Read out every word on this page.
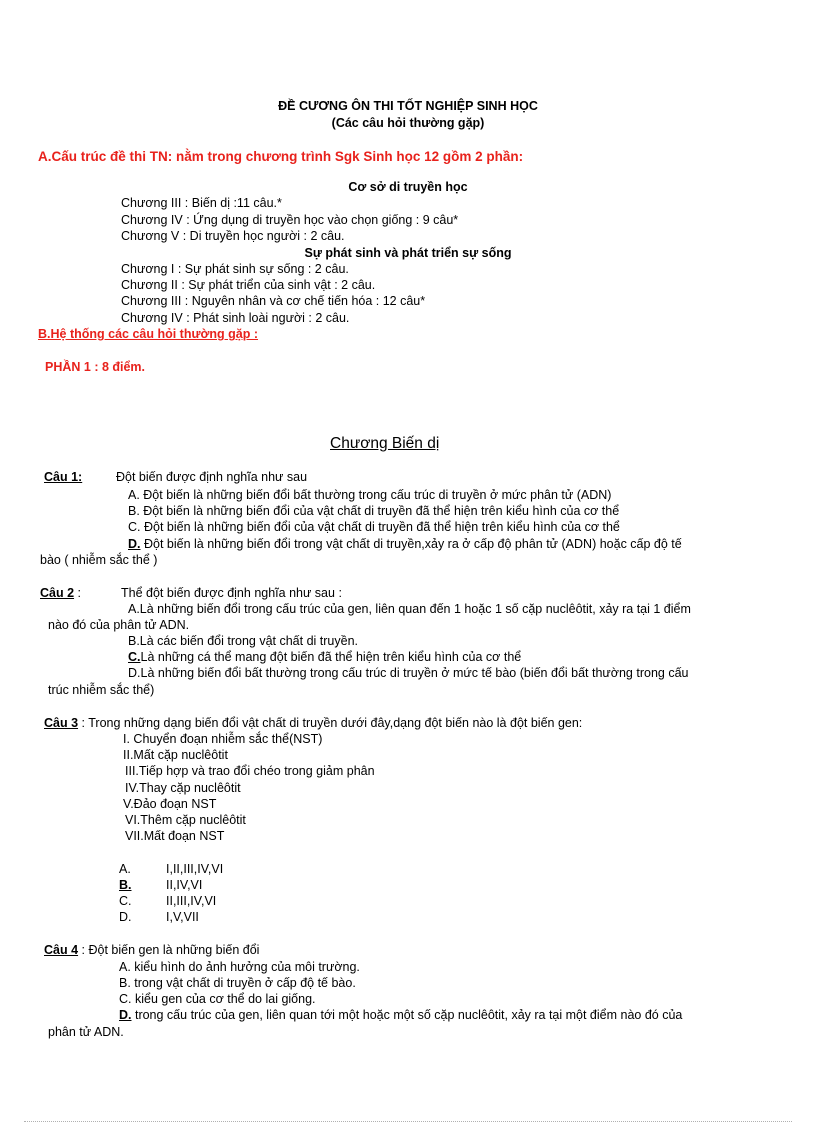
ĐỀ CƯƠNG ÔN THI TỐT NGHIỆP SINH HỌC
(Các câu hỏi thường gặp)
A.Cấu trúc đề thi TN: nằm trong chương trình Sgk Sinh học 12 gồm 2 phần:
Cơ sở di truyền học
Chương III : Biến dị :11 câu.*
Chương IV : Ứng dụng di truyền học vào chọn giống : 9 câu*
Chương V : Di truyền học người : 2 câu.
Sự phát sinh và phát triển sự sống
Chương I : Sự phát sinh sự sống : 2 câu.
Chương II : Sự phát triển của sinh vật : 2 câu.
Chương III : Nguyên nhân và cơ chế tiến hóa : 12 câu*
Chương IV : Phát sinh loài người : 2 câu.
B.Hệ thống các câu hỏi thường gặp :
PHẦN 1 : 8 điểm.
Chương Biến dị
Câu 1:	Đột biến được định nghĩa như sau
A. Đột biến là những biến đổi bất thường trong cấu trúc di truyền ở mức phân tử (ADN)
B. Đột biến là những biến đổi của vật chất di truyền đã thể hiện trên kiểu hình của cơ thể
C. Đột biến là những biến đổi của vật chất di truyền đã thể hiện trên kiểu hình của cơ thể
D. Đột biến là những biến đổi trong vật chất di truyền,xảy ra ở cấp độ phân tử (ADN) hoặc cấp độ tế
bào ( nhiễm sắc thể )
Câu 2 :	Thể đột biến được định nghĩa như sau :
A.Là những biến đổi trong cấu trúc của gen, liên quan đến 1 hoặc 1 số cặp nuclêôtit, xảy ra tại 1 điểm
nào đó của phân tử ADN.
B.Là các biến đổi trong vật chất di truyền.
C.Là những cá thể mang đột biến đã thể hiện trên kiểu hình của cơ thể
D.Là những biến đổi bất thường trong cấu trúc di truyền ở mức tế bào (biến đổi bất thường trong cấu
trúc nhiễm sắc thể)
Câu 3 : Trong những dạng biến đổi vật chất di truyền dưới đây,dạng đột biến nào là đột biến gen:
I. Chuyển đoạn nhiễm sắc thể(NST)
II.Mất cặp nuclêôtit
III.Tiếp hợp và trao đổi chéo trong giảm phân
IV.Thay cặp nuclêôtit
V.Đảo đoạn NST
VI.Thêm cặp nuclêôtit
VII.Mất đoạn NST
A.	I,II,III,IV,VI
B.	II,IV,VI
C.	II,III,IV,VI
D.	I,V,VII
Câu 4 : Đột biến gen là những biến đổi
A. kiểu hình do ảnh hưởng của môi trường.
B. trong vật chất di truyền ở cấp độ tế bào.
C. kiểu gen của cơ thể do lai giống.
D. trong cấu trúc của gen, liên quan tới một hoặc một số cặp nuclêôtit, xảy ra tại một điểm nào đó của
phân tử ADN.
